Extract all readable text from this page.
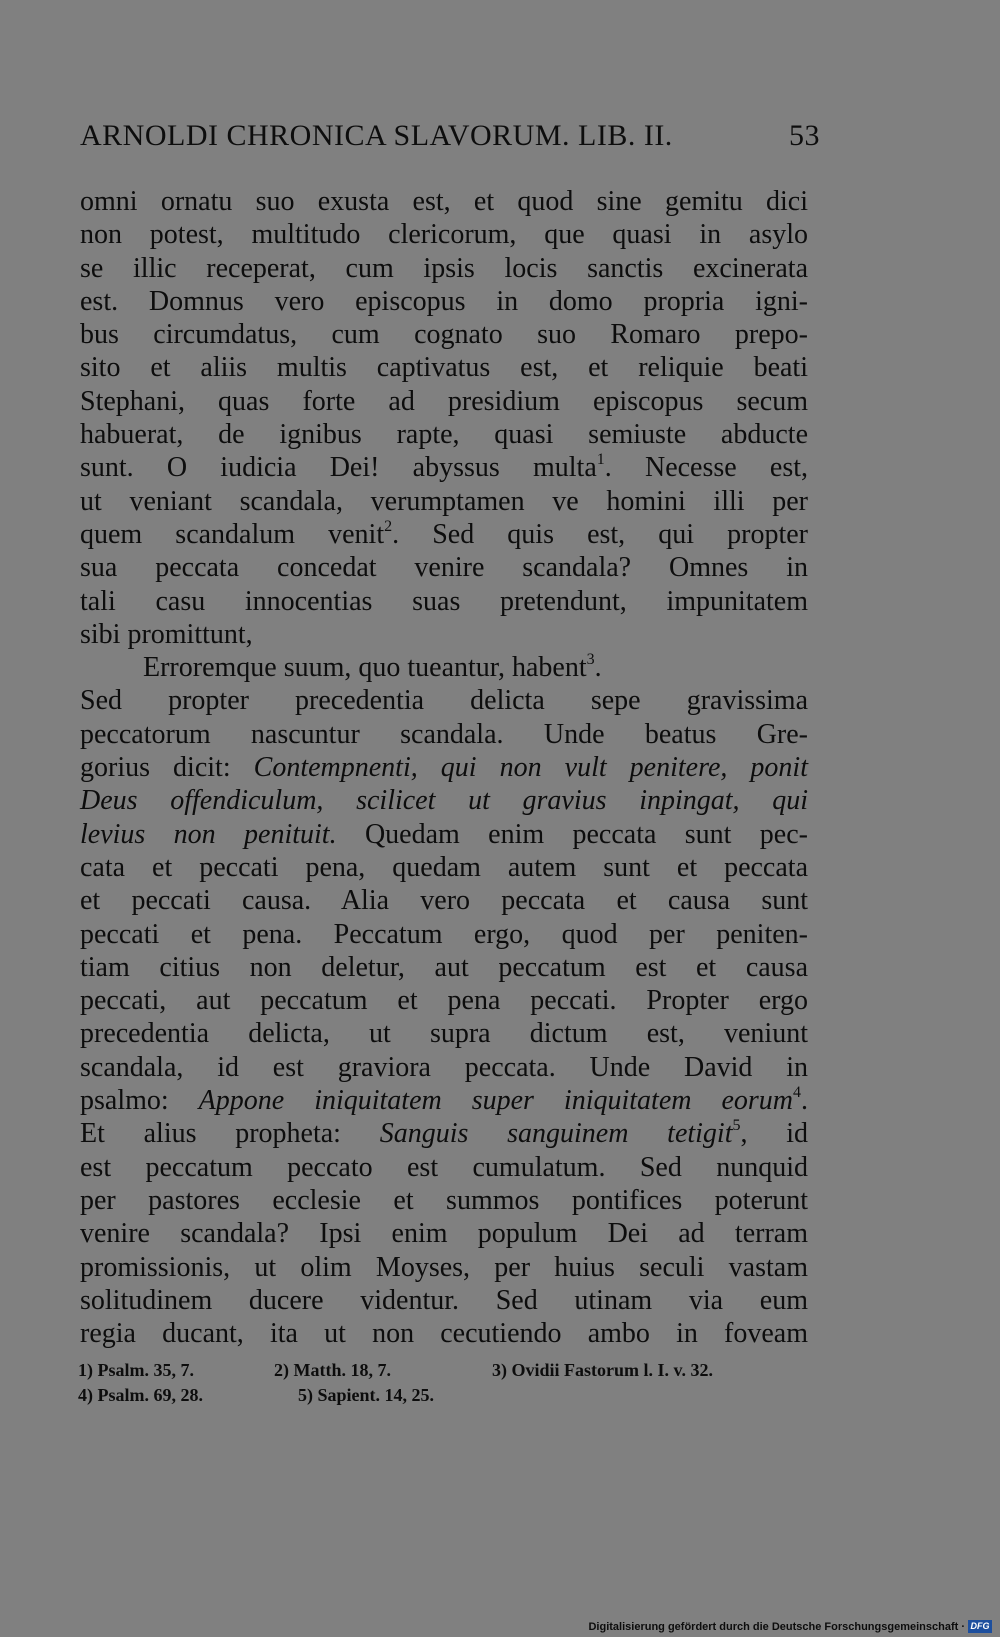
ARNOLDI CHRONICA SLAVORUM. LIB. II.	53
omni ornatu suo exusta est, et quod sine gemitu dici
non potest, multitudo clericorum, que quasi in asylo
se illic receperat, cum ipsis locis sanctis excinerata
est. Domnus vero episcopus in domo propria igni-
bus circumdatus, cum cognato suo Romaro prepo-
sito et aliis multis captivatus est, et reliquie beati
Stephani, quas forte ad presidium episcopus secum
habuerat, de ignibus rapte, quasi semiuste abducte
sunt. O iudicia Dei! abyssus multa$^1$. Necesse est,
ut veniant scandala, verumptamen ve homini illi per
quem scandalum venit$^2$. Sed quis est, qui propter
sua peccata concedat venire scandala? Omnes in
tali casu innocentias suas pretendunt, impunitatem
sibi promittunt,
Erroremque suum, quo tueantur, habent$^3$.
Sed propter precedentia delicta sepe gravissima
peccatorum nascuntur scandala. Unde beatus Gre-
gorius dicit: Contempnenti, qui non vult penitere, ponit
Deus offendiculum, scilicet ut gravius inpingat, qui
levius non penituit. Quedam enim peccata sunt pec-
cata et peccati pena, quedam autem sunt et peccata
et peccati causa. Alia vero peccata et causa sunt
peccati et pena. Peccatum ergo, quod per peniten-
tiam citius non deletur, aut peccatum est et causa
peccati, aut peccatum et pena peccati. Propter ergo
precedentia delicta, ut supra dictum est, veniunt
scandala, id est graviora peccata. Unde David in
psalmo: Appone iniquitatem super iniquitatem eorum$^4$.
Et alius propheta: Sanguis sanguinem tetigit$^5$, id
est peccatum peccato est cumulatum. Sed nunquid
per pastores ecclesie et summos pontifices poterunt
venire scandala? Ipsi enim populum Dei ad terram
promissionis, ut olim Moyses, per huius seculi vastam
solitudinem ducere videntur. Sed utinam via eum
regia ducant, ita ut non cecutiendo ambo in foveam
1) Psalm. 35, 7.	2) Matth. 18, 7.	3) Ovidii Fastorum l. I. v. 32.
4) Psalm. 69, 28.	5) Sapient. 14, 25.
Digitalisierung gefördert durch die Deutsche Forschungsgemeinschaft · DFG
